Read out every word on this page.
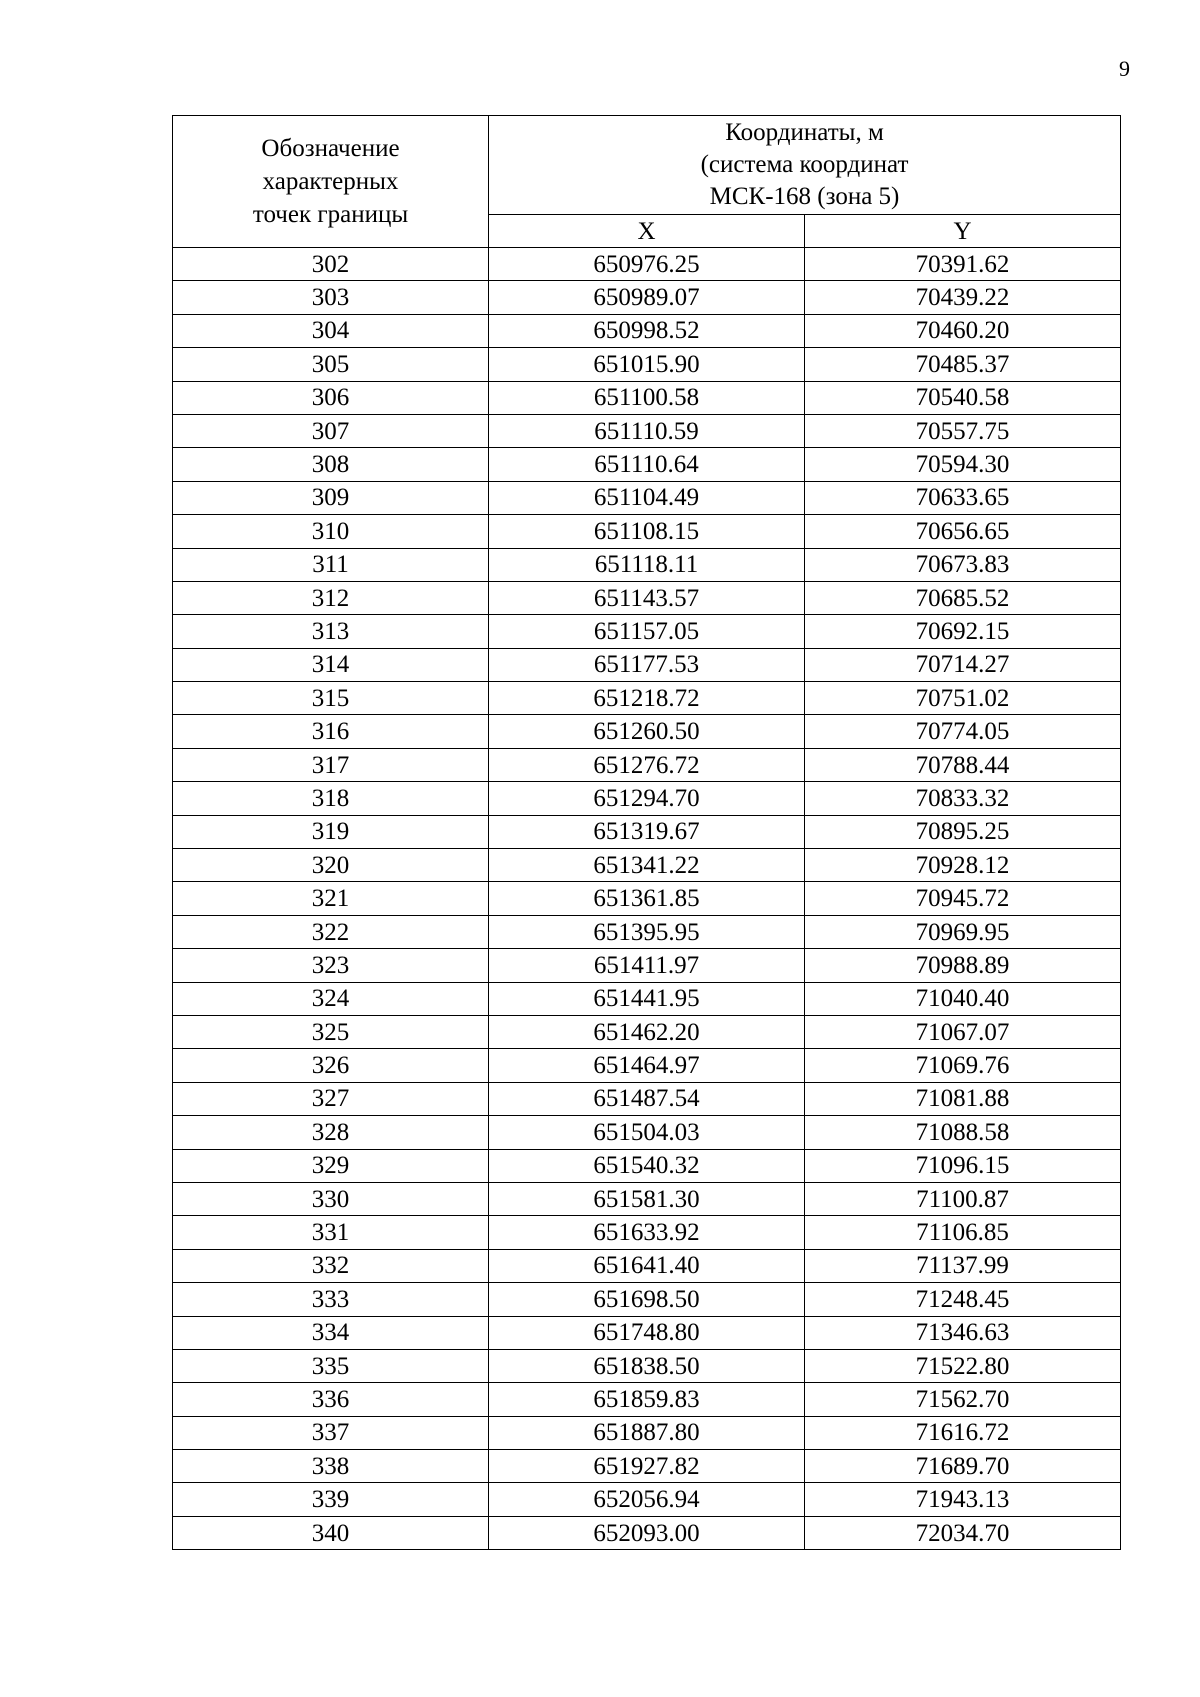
9
Обозначение
характерных
точек границы	Координаты, м
(система координат
МСК-168 (зона 5)	

	X	Y
302	650976.25	70391.62
303	650989.07	70439.22
304	650998.52	70460.20
305	651015.90	70485.37
306	651100.58	70540.58
307	651110.59	70557.75
308	651110.64	70594.30
309	651104.49	70633.65
310	651108.15	70656.65
311	651118.11	70673.83
312	651143.57	70685.52
313	651157.05	70692.15
314	651177.53	70714.27
315	651218.72	70751.02
316	651260.50	70774.05
317	651276.72	70788.44
318	651294.70	70833.32
319	651319.67	70895.25
320	651341.22	70928.12
321	651361.85	70945.72
322	651395.95	70969.95
323	651411.97	70988.89
324	651441.95	71040.40
325	651462.20	71067.07
326	651464.97	71069.76
327	651487.54	71081.88
328	651504.03	71088.58
329	651540.32	71096.15
330	651581.30	71100.87
331	651633.92	71106.85
332	651641.40	71137.99
333	651698.50	71248.45
334	651748.80	71346.63
335	651838.50	71522.80
336	651859.83	71562.70
337	651887.80	71616.72
338	651927.82	71689.70
339	652056.94	71943.13
340	652093.00	72034.70
